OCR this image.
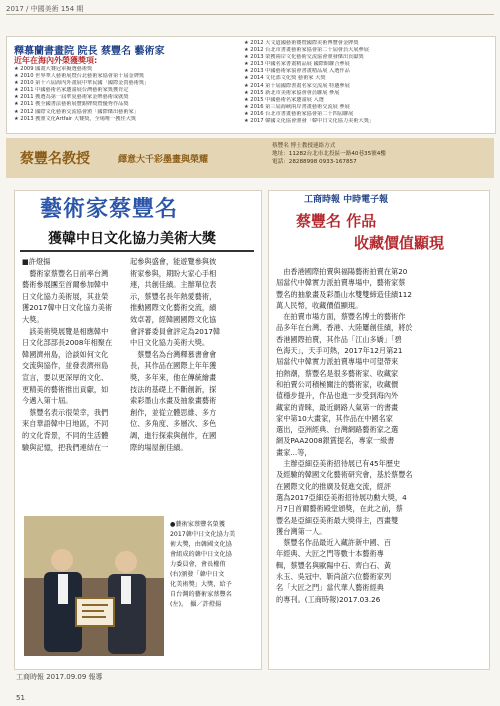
2017 / 中國美術 154 期
釋慕蘭書畫院 院長 蔡豐名 藝術家
近年在海內外榮獲獎項:
★ 2009 國畫大賽冠軍擬選藝術獎
★ 2010 世界華人藝術展暨台北藝術家協會第十屆金牌獎
★ 2010 第十六屆海內外畫展中華民國「國際金質藝術獎」
★ 2011 中國藝術名家邀請展台灣藝術家獎獲肯定
★ 2011 獲選為第一屆華夏藝術家金牌藝術成就獎
★ 2011 獲全國書法藝術展覽銀牌獎暨優秀作品獎
★ 2012 國際文化藝術交流協會頒「國際傑出藝術家」
★ 2013 獲頒文化Artfair 大賽獎，全場唯一獲佳大獎
★ 2012 大文道國藝術賽暨國際美術博覽會金牌獎
★ 2012 台北市書畫藝術家協會第二十屆會員大展參展
★ 2013 榮獲兩岸文化藝術交流協會頒發傑出貢獻獎
★ 2013 中國名家書畫精品展 國際館聯合參展
★ 2013 中國藝術家協會書畫精品展 入選作品
★ 2014 文化部文化獎 藝術家 大獎
★ 2014 第十屆國際書畫名家交流展 特邀參展
★ 2015 新北市美術家協會會員聯展 參展
★ 2015 中國藝術名家邀請展 入選
★ 2016 第三屆海峽兩岸書畫藝術交流展 參展
★ 2016 台北市書畫藝術家協會第二十四屆聯展
★ 2017 韓國文化協會頒發「韓中日文化協力美術大獎」
蔡豐名教授	繹意大千彩墨畫與榮耀
蔡豐名 博士教授連絡方式
地址：11282台北市北投區一路40巷35號4樓
電話：28288998 0933-167857
藝術家蔡豐名
獲韓中日文化協力美術大獎
■許燈揚
　藝術家蔡豐名日前率台灣
藝術參展團至首爾參加韓中
日文化協力美術展，其並榮
獲2017韓中日文化協力美術
大獎。
　該美術獎展覽是相應韓中
日文化部部長2008年相聚在
韓國濟州島，洽談如何文化
交流與協作，並發表濟州島
宣言，要以更深厚的文化、
更精美的藝術推出貢獻，如
今邁入第十屆。
　蔡豐名表示很榮幸，我們
來自華語韓中日地區，不同
的文化背景，不同的生活體
驗與記憶，把我們連結在一
起參與盛會，能遊覽參與彼
術家參與，期盼大家心手相
連，共創佳績。主辦單位表
示，蔡豐名長年熱愛藝術，
推動國際文化藝術交流，績
效卓著，經韓國國際文化協
會評審委員會評定為2017韓
中日文化協力美術大獎。
　蔡豐名為台灣釋慕書會會
長，其作品在國際上年年獲
獎，多年來，他在傳統繪畫
技法的基礎上不斷創新，探
索彩墨山水畫及抽象畫藝術
創作，並從立體思維、多方
位、多角度、多層次、多色
調，進行探索與創作，在國
際的場屋創佳績。
●藝術家蔡豐名榮獲
2017韓中日文化協力美
術大獎，由韓國文化協
會組成的韓中日文化協
力委員會，會長權侑
(右)頒發「韓中日文
化美術獎」大獎，給予
自台灣的藝術家蔡豐名
(左)。　攝／許燈揚
工商時報 2017.09.09 報導
51
工商時報 中時電子報
蔡豐名 作品
收藏價值顯現
　由香港國際拍賣與福陽藝術拍賣在第20
屆當代中韓實力派拍賣專場中，藝術家蔡
豐名的抽象畫及彩墨山水雙雙締造佳績112
萬人民幣，收藏價值顯現。
　在拍賣市場方面，蔡豐名博士的藝術作
品多年在台灣、香港、大陸屢創佳績，將於
香港國際拍賣，其作品「江山多嬌」「碧
色海天」，天手可熱，2017年12月第21
屆當代中韓實力派拍賣專場中可望帶來
拍熱潮，蔡豐名是很多藝術家、收藏家
和拍賣公司積極關注的藝術家，收藏價
值穩步提升，作品也進一步受到海內外
藏家的青睞，最近網路人氣第一的書畫
家中第10大畫家，其作品在中國名家
選出，亞洲經典、台灣網路藝術家之選
網及PAA2008銀賞提名，專家一級書
畫家...等，
　主辦亞細亞美術招待展已有45年歷史
及經驗的韓國文化藝術研究會，基於蔡豐名
在國際文化的推廣及促進交流，經評
選為2017亞細亞美術招待展功勳大獎，4
月7日首爾藝術殿堂頒獎，在此之前，蔡
豐名是亞細亞美術最大獎得主，西畫雙
獲台灣第一人。
　蔡豐名作品最近入藏許新中國、百
年經典、大匠之門等數十本藝術專
輯，蔡豐名與歐陽中石、齊白石、黃
永玉、吳冠中、靳尚誼六位藝術家列
名「大匠之門」當代華人藝術經典
的專刊。(工商時報)2017.03.26
